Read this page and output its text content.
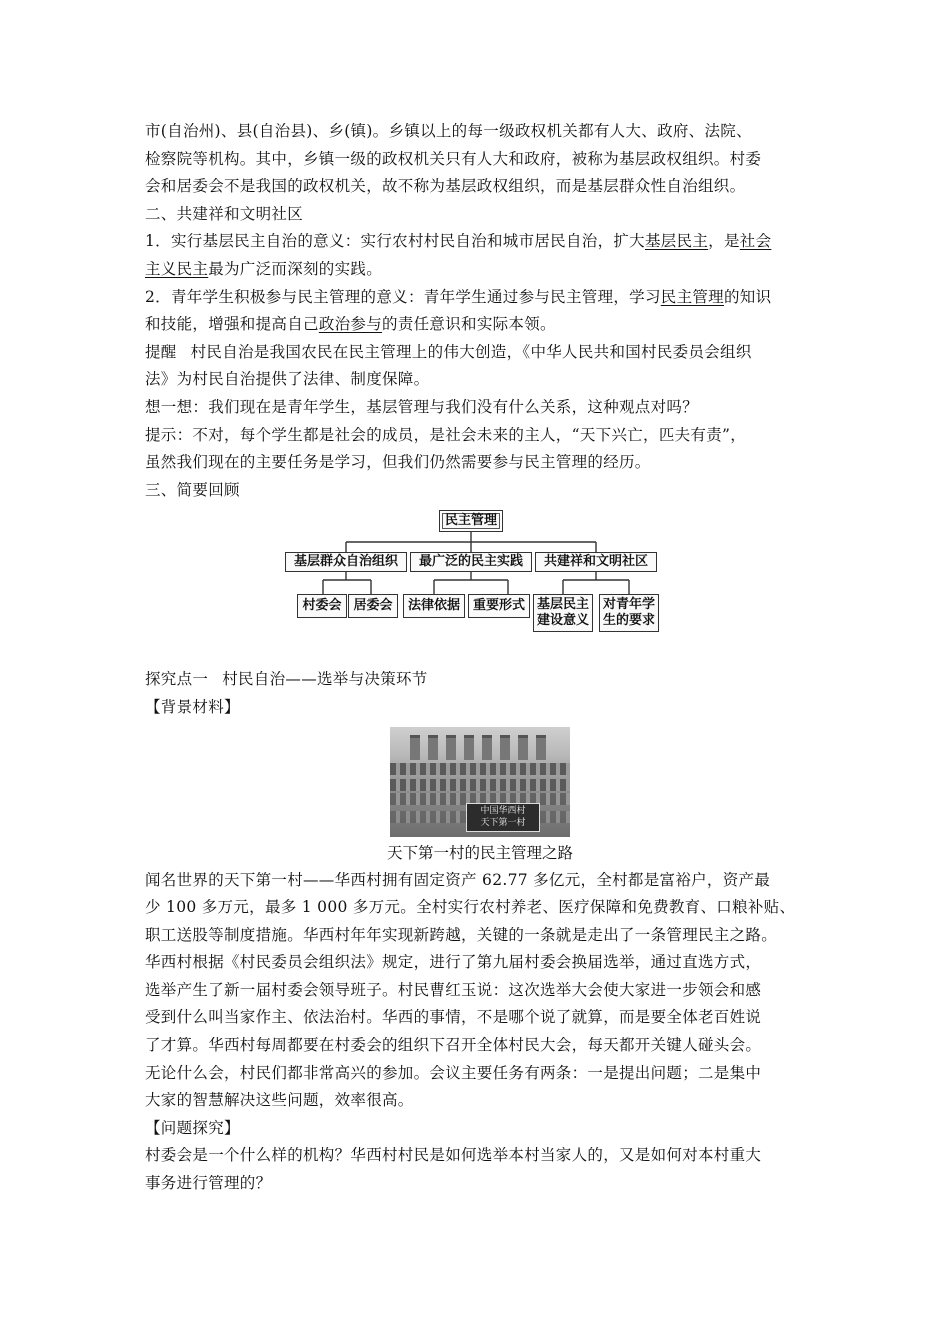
市(自治州)、县(自治县)、乡(镇)。乡镇以上的每一级政权机关都有人大、政府、法院、
检察院等机构。其中，乡镇一级的政权机关只有人大和政府，被称为基层政权组织。村委
会和居委会不是我国的政权机关，故不称为基层政权组织，而是基层群众性自治组织。
二、共建祥和文明社区
1．实行基层民主自治的意义：实行农村村民自治和城市居民自治，扩大基层民主，是社会
主义民主最为广泛而深刻的实践。
2．青年学生积极参与民主管理的意义：青年学生通过参与民主管理，学习民主管理的知识
和技能，增强和提高自己政治参与的责任意识和实际本领。
提醒 村民自治是我国农民在民主管理上的伟大创造，《中华人民共和国村民委员会组织
法》为村民自治提供了法律、制度保障。
想一想：我们现在是青年学生，基层管理与我们没有什么关系，这种观点对吗？
提示：不对，每个学生都是社会的成员，是社会未来的主人，“天下兴亡，匹夫有责”，
虽然我们现在的主要任务是学习，但我们仍然需要参与民主管理的经历。
三、简要回顾
民主管理
基层群众自治组织	最广泛的民主实践	共建祥和文明社区
村委会 居委会	法律依据 重要形式 基层民主建设意义
对青年学生的要求
探究点一 村民自治——选举与决策环节
【背景材料】
中国华西村
天下第一村
天下第一村的民主管理之路
闻名世界的天下第一村——华西村拥有固定资产 62.77 多亿元，全村都是富裕户，资产最
少 100 多万元，最多 1 000 多万元。全村实行农村养老、医疗保障和免费教育、口粮补贴、
职工送股等制度措施。华西村年年实现新跨越，关键的一条就是走出了一条管理民主之路。
华西村根据《村民委员会组织法》规定，进行了第九届村委会换届选举，通过直选方式，
选举产生了新一届村委会领导班子。村民曹红玉说：这次选举大会使大家进一步领会和感
受到什么叫当家作主、依法治村。华西的事情，不是哪个说了就算，而是要全体老百姓说
了才算。华西村每周都要在村委会的组织下召开全体村民大会，每天都开关键人碰头会。
无论什么会，村民们都非常高兴的参加。会议主要任务有两条：一是提出问题；二是集中
大家的智慧解决这些问题，效率很高。
【问题探究】
村委会是一个什么样的机构？华西村村民是如何选举本村当家人的，又是如何对本村重大
事务进行管理的？
